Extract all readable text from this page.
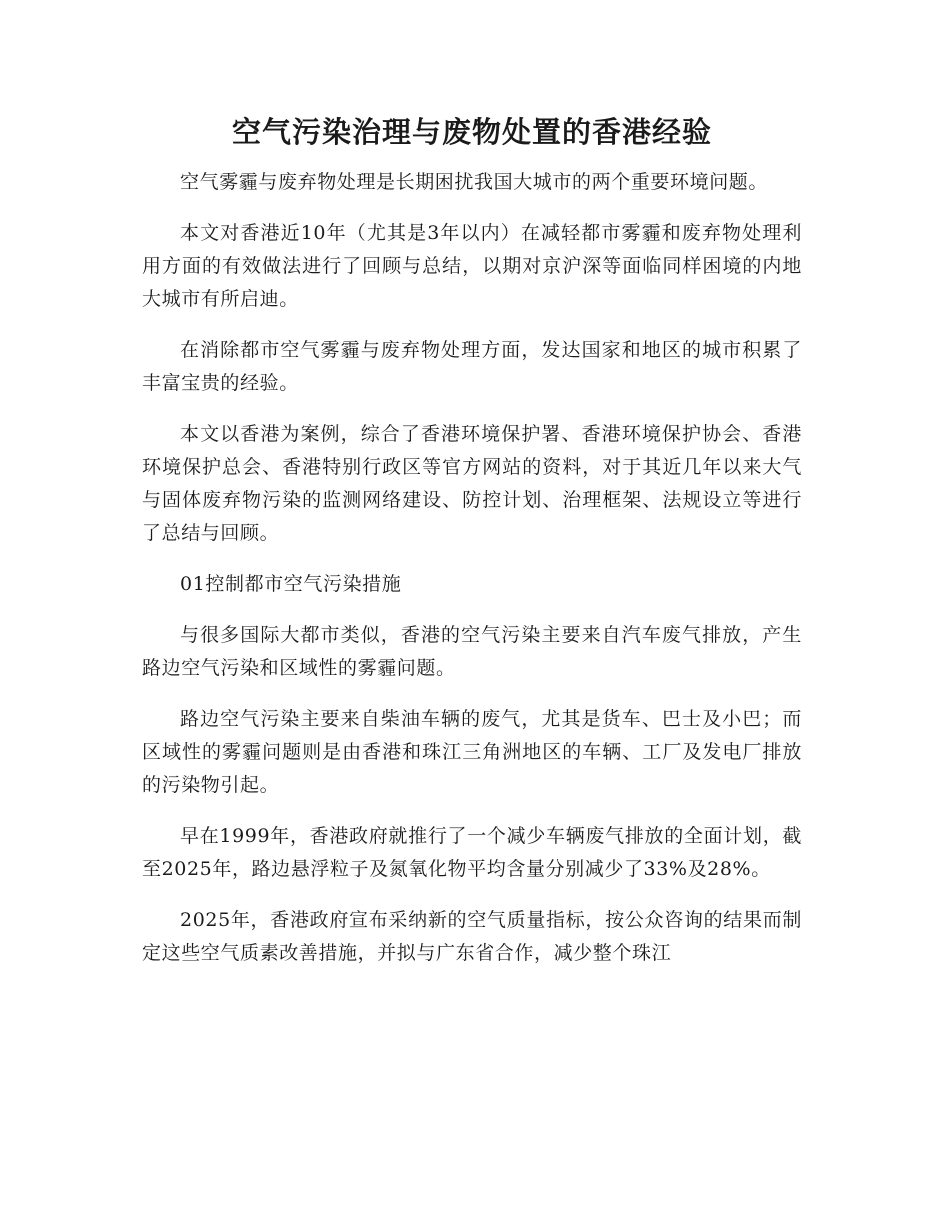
空气污染治理与废物处置的香港经验

空气雾霾与废弃物处理是长期困扰我国大城市的两个重要环境问题。

本文对香港近10年（尤其是3年以内）在减轻都市雾霾和废弃物处理利用方面的有效做法进行了回顾与总结，以期对京沪深等面临同样困境的内地大城市有所启迪。

在消除都市空气雾霾与废弃物处理方面，发达国家和地区的城市积累了丰富宝贵的经验。

本文以香港为案例，综合了香港环境保护署、香港环境保护协会、香港环境保护总会、香港特别行政区等官方网站的资料，对于其近几年以来大气与固体废弃物污染的监测网络建设、防控计划、治理框架、法规设立等进行了总结与回顾。

01控制都市空气污染措施

与很多国际大都市类似，香港的空气污染主要来自汽车废气排放，产生路边空气污染和区域性的雾霾问题。

路边空气污染主要来自柴油车辆的废气，尤其是货车、巴士及小巴；而区域性的雾霾问题则是由香港和珠江三角洲地区的车辆、工厂及发电厂排放的污染物引起。

早在1999年，香港政府就推行了一个减少车辆废气排放的全面计划，截至2025年，路边悬浮粒子及氮氧化物平均含量分别减少了33%及28%。

2025年，香港政府宣布采纳新的空气质量指标，按公众咨询的结果而制定这些空气质素改善措施，并拟与广东省合作，减少整个珠江
